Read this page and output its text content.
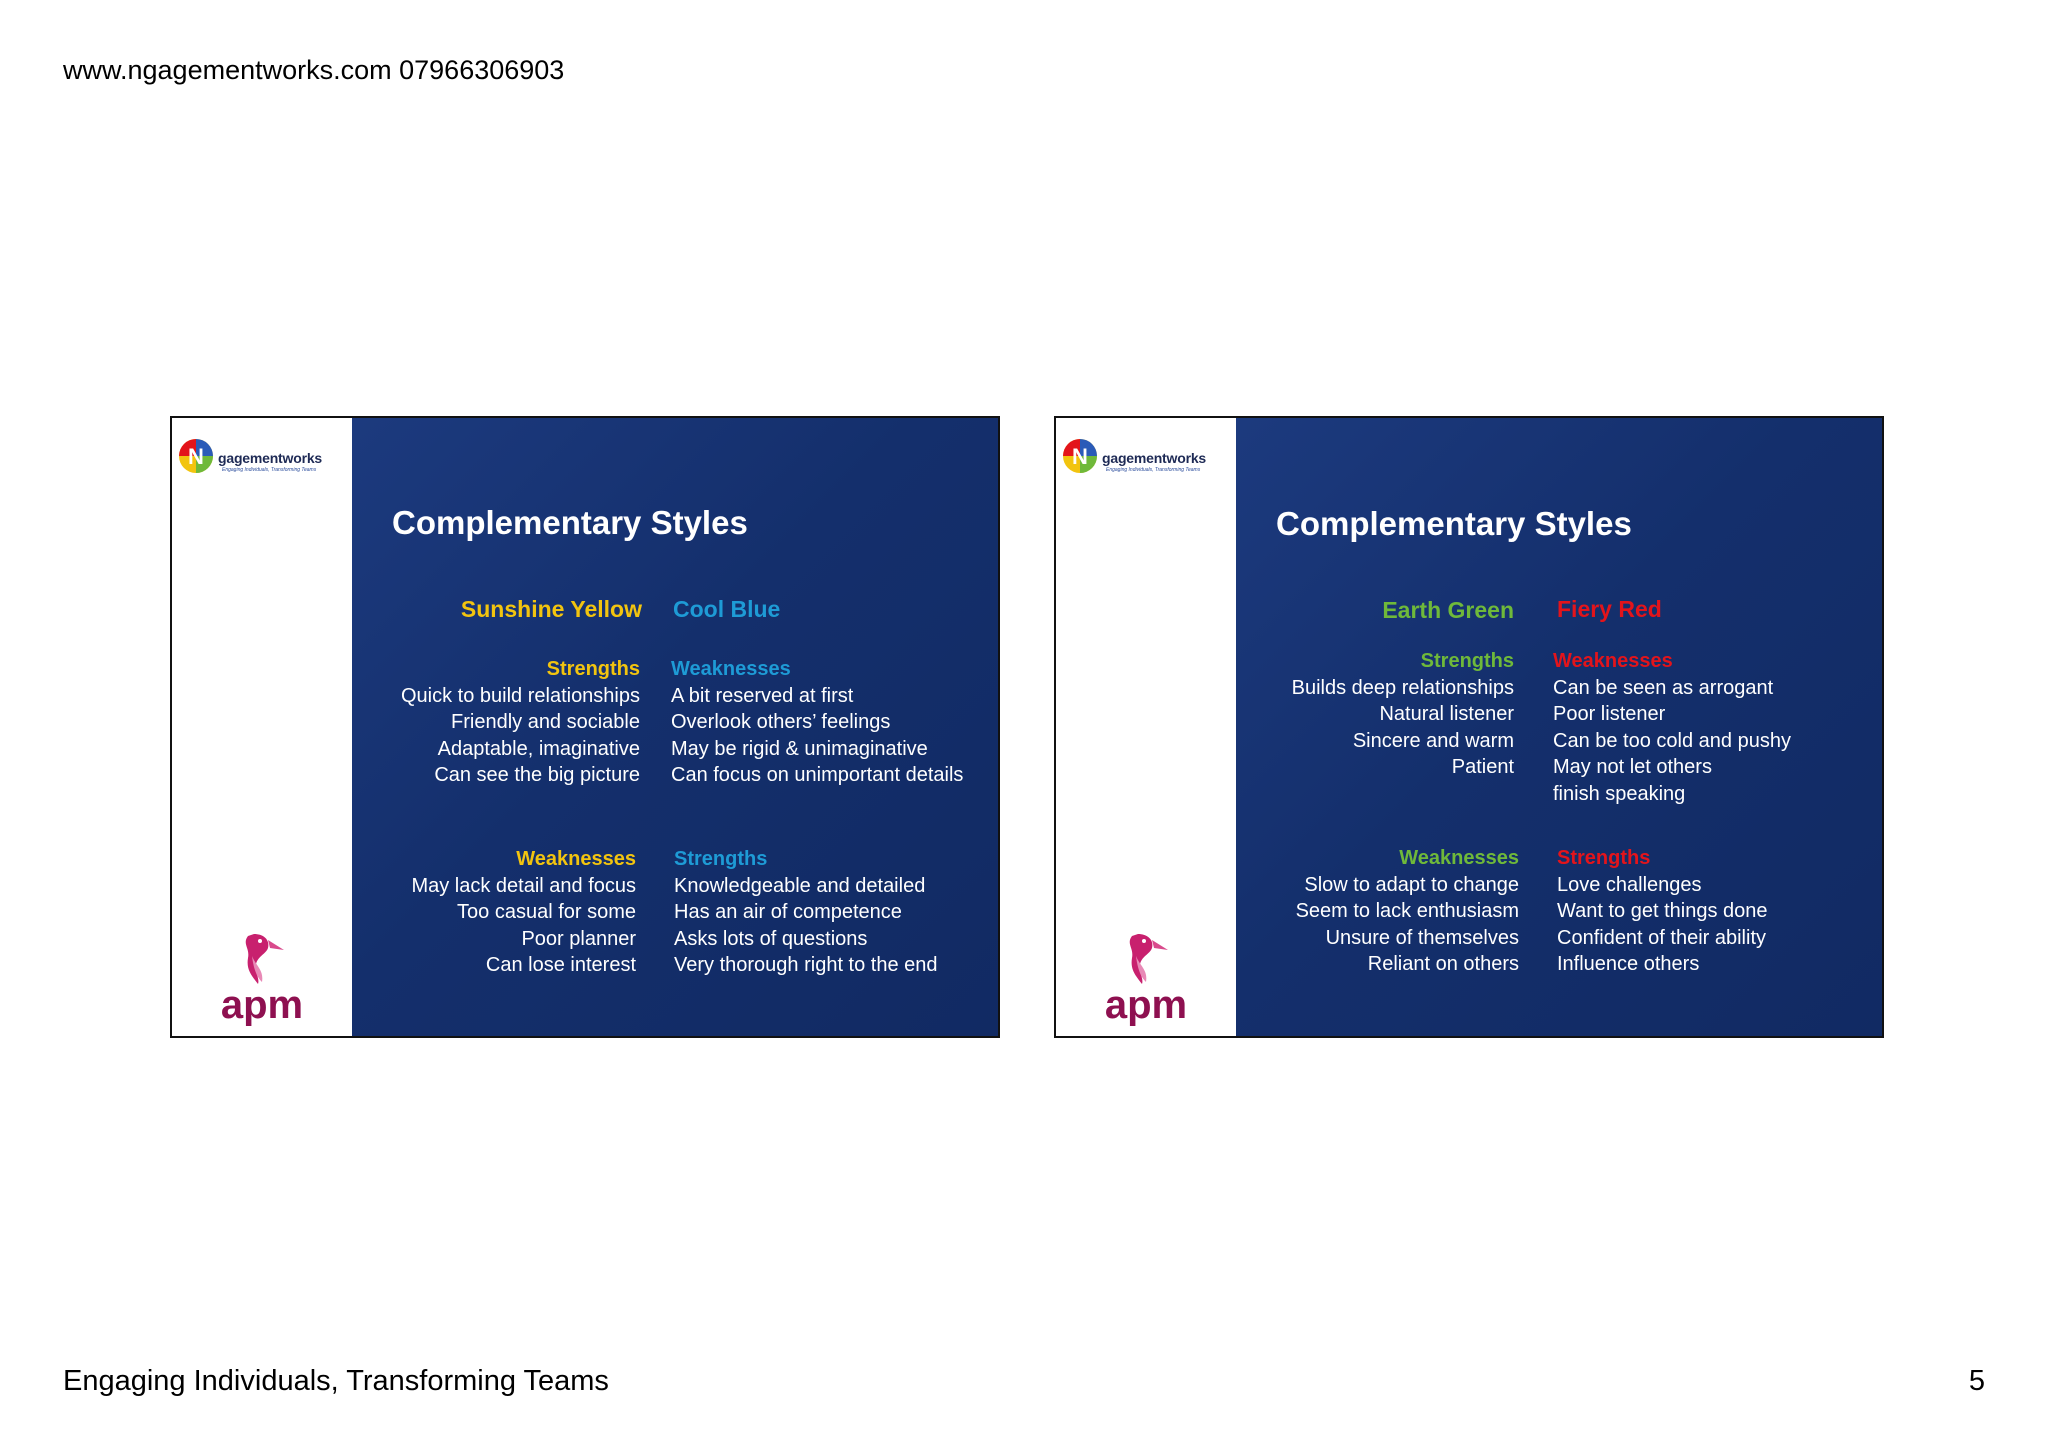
www.ngagementworks.com 07966306903
N gagementworks
Engaging Individuals, Transforming Teams
apm
Complementary Styles
Sunshine Yellow Cool Blue
Strengths
Quick to build relationships
Friendly and sociable
Adaptable, imaginative
Can see the big picture
Weaknesses
A bit reserved at first
Overlook others’ feelings
May be rigid & unimaginative
Can focus on unimportant details
Weaknesses
May lack detail and focus
Too casual for some
Poor planner
Can lose interest
Strengths
Knowledgeable and detailed
Has an air of competence
Asks lots of questions
Very thorough right to the end
N gagementworks
Engaging Individuals, Transforming Teams
apm
Complementary Styles
Earth Green Fiery Red
Strengths
Builds deep relationships
Natural listener
Sincere and warm
Patient
Weaknesses
Can be seen as arrogant
Poor listener
Can be too cold and pushy
May not let others
finish speaking
Weaknesses
Slow to adapt to change
Seem to lack enthusiasm
Unsure of themselves
Reliant on others
Strengths
Love challenges
Want to get things done
Confident of their ability
Influence others
Engaging Individuals, Transforming Teams	5
